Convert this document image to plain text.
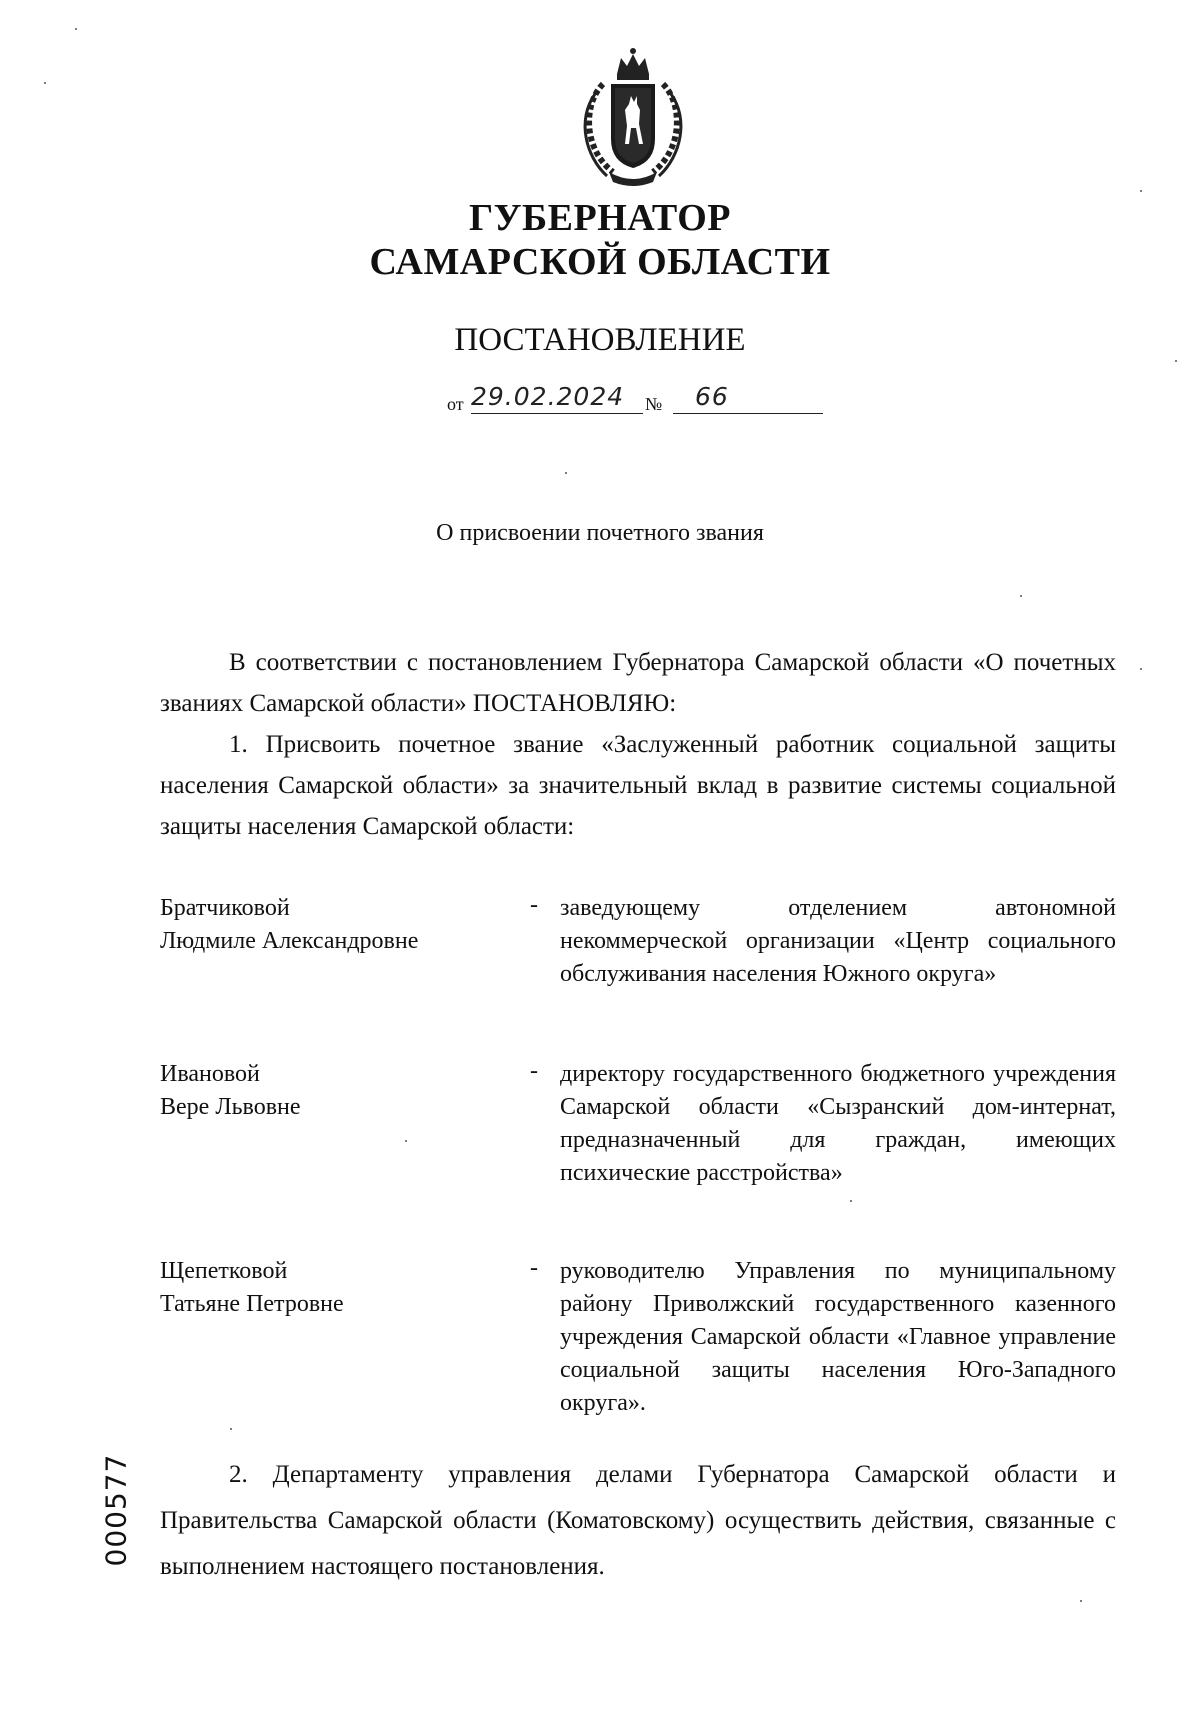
ГУБЕРНАТОР
САМАРСКОЙ ОБЛАСТИ
ПОСТАНОВЛЕНИЕ
от 29.02.2024 № 66
О присвоении почетного звания

В соответствии с постановлением Губернатора Самарской области «О почетных званиях Самарской области» ПОСТАНОВЛЯЮ:

1. Присвоить почетное звание «Заслуженный работник социальной защиты населения Самарской области» за значительный вклад в развитие системы социальной защиты населения Самарской области:

Братчиковой
Людмиле Александровне
- заведующему отделением автономной некоммерческой организации «Центр социального обслуживания населения Южного округа»
Ивановой
Вере Львовне
- директору государственного бюджетного учреждения Самарской области «Сызранский дом-интернат, предназначенный для граждан, имеющих психические расстройства»
Щепетковой
Татьяне Петровне
- руководителю Управления по муниципальному району Приволжский государственного казенного учреждения Самарской области «Главное управление социальной защиты населения Юго-Западного округа».

2. Департаменту управления делами Губернатора Самарской области и Правительства Самарской области (Коматовскому) осуществить действия, связанные с выполнением настоящего постановления.

000577
